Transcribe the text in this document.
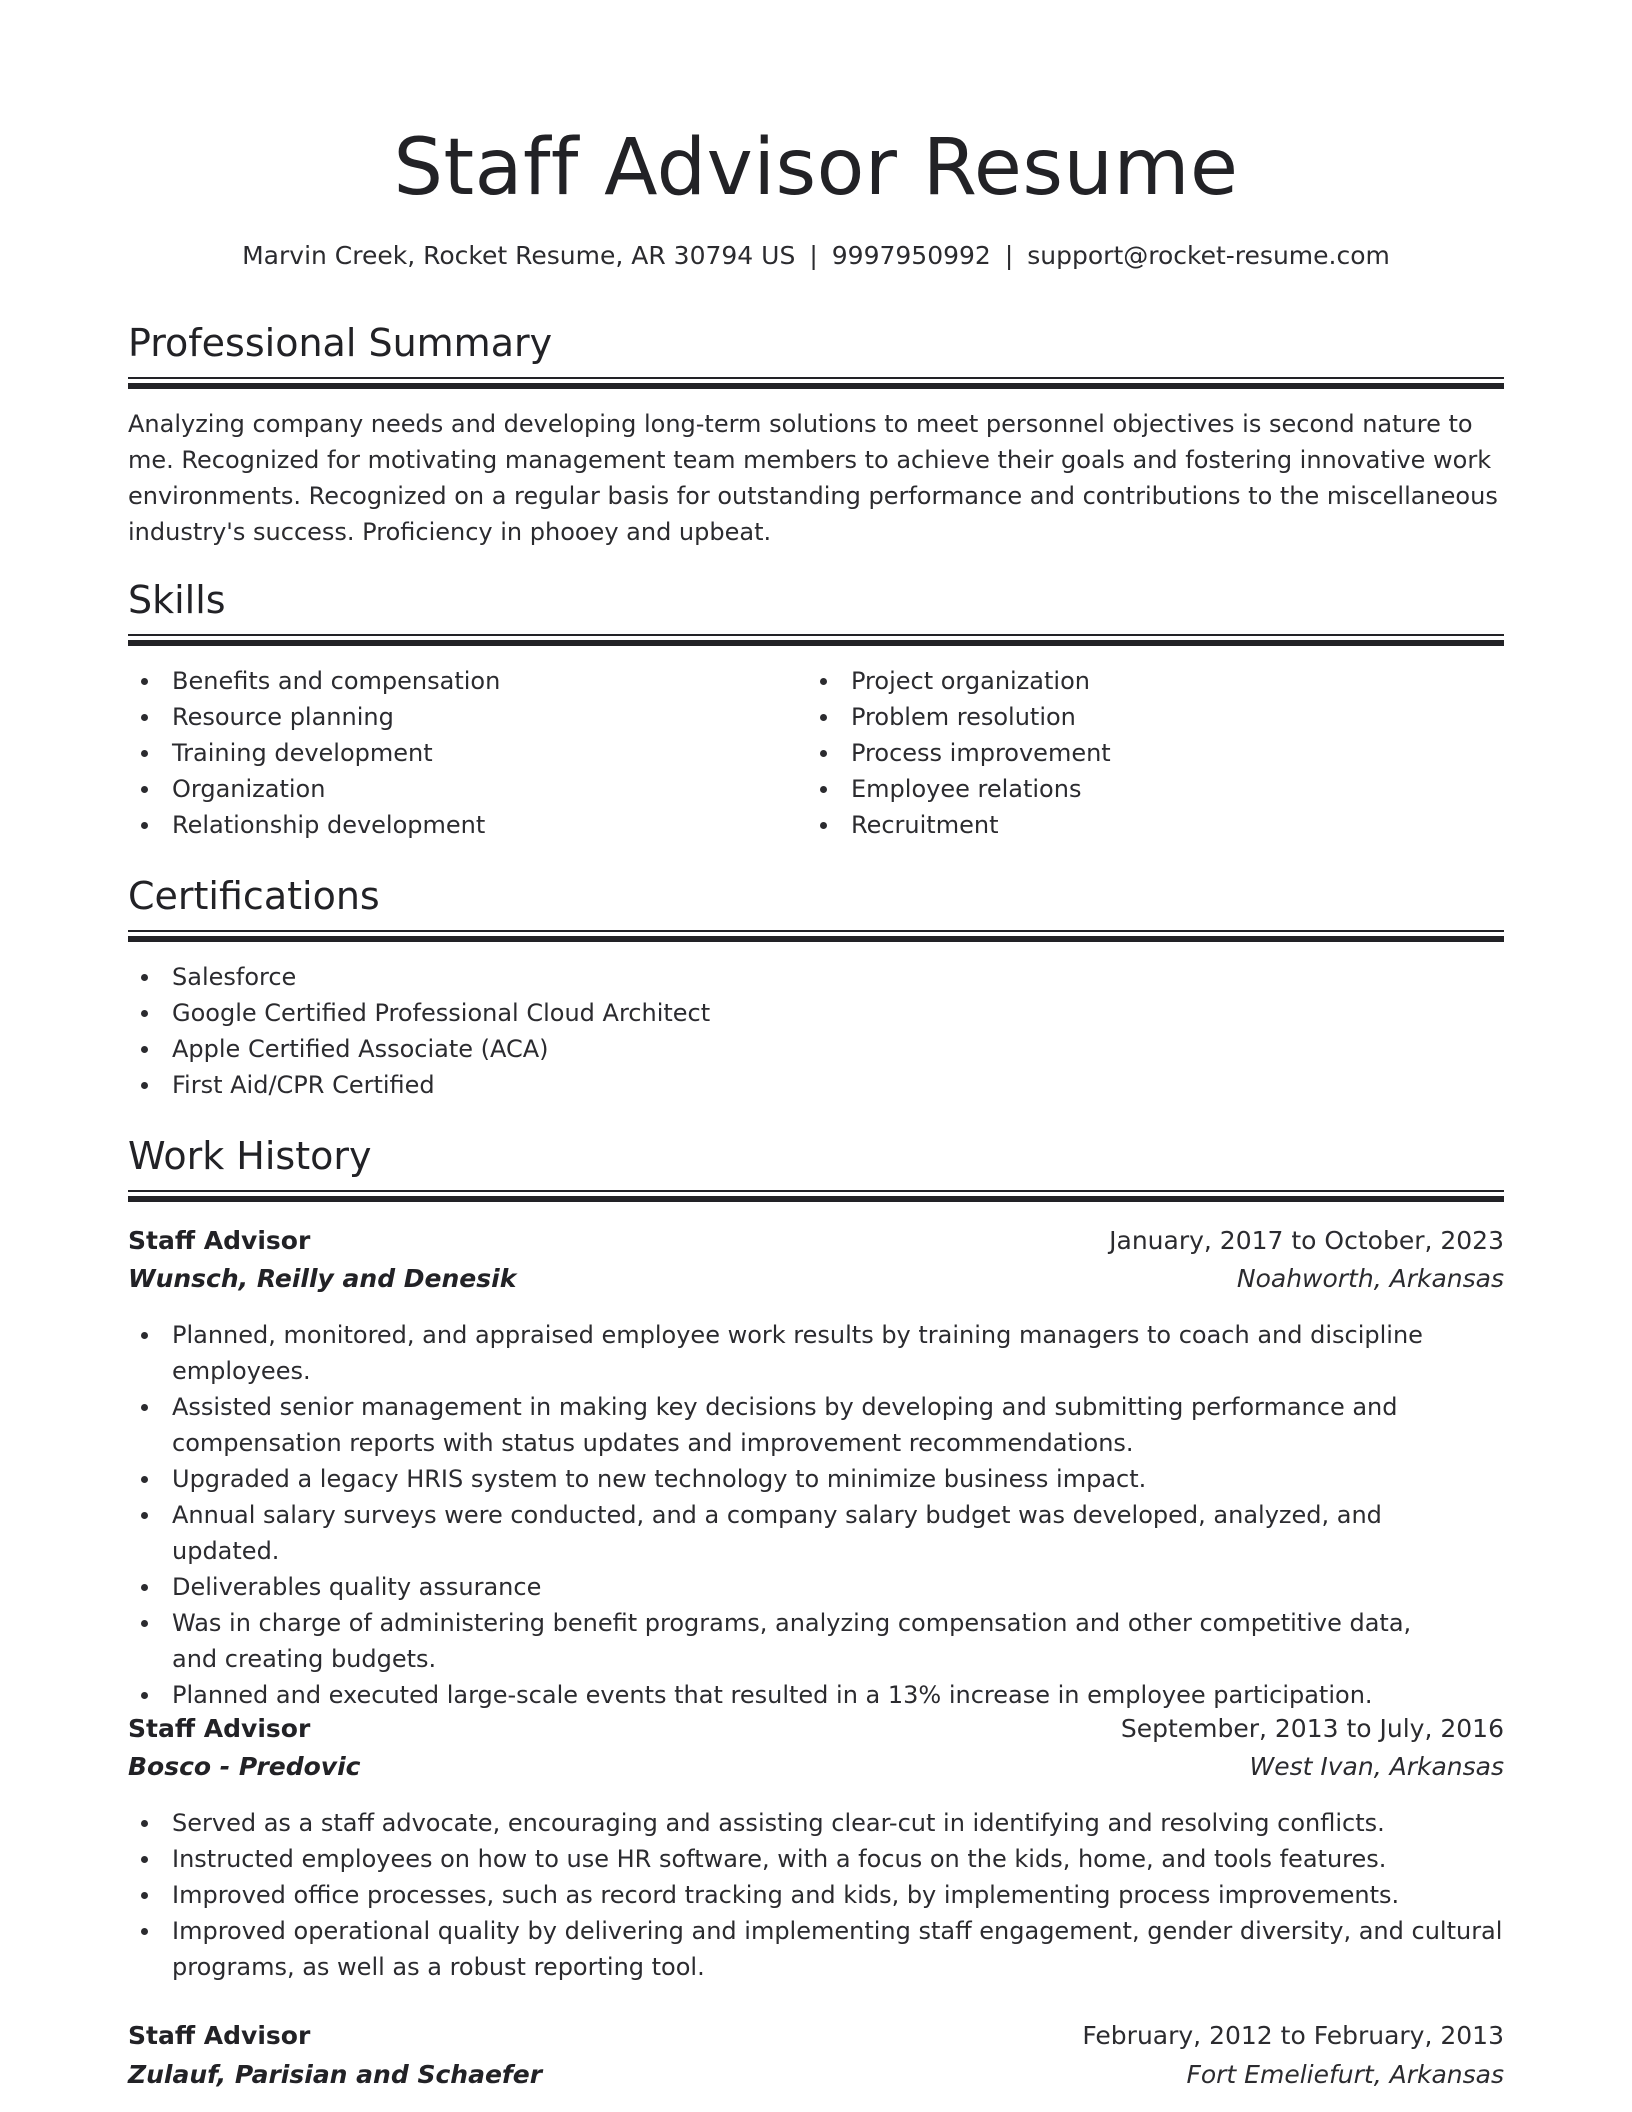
Staff Advisor Resume
Marvin Creek, Rocket Resume, AR 30794 US | 9997950992 | support@rocket-resume.com
Professional Summary
Analyzing company needs and developing long-term solutions to meet personnel objectives is second nature to me. Recognized for motivating management team members to achieve their goals and fostering innovative work environments. Recognized on a regular basis for outstanding performance and contributions to the miscellaneous industry's success. Proficiency in phooey and upbeat.
Skills
Benefits and compensation
Resource planning
Training development
Organization
Relationship development
Project organization
Problem resolution
Process improvement
Employee relations
Recruitment
Certifications
Salesforce
Google Certified Professional Cloud Architect
Apple Certified Associate (ACA)
First Aid/CPR Certified
Work History
Staff Advisor	January, 2017 to October, 2023
Wunsch, Reilly and Denesik	Noahworth, Arkansas
Planned, monitored, and appraised employee work results by training managers to coach and discipline employees.
Assisted senior management in making key decisions by developing and submitting performance and compensation reports with status updates and improvement recommendations.
Upgraded a legacy HRIS system to new technology to minimize business impact.
Annual salary surveys were conducted, and a company salary budget was developed, analyzed, and updated.
Deliverables quality assurance
Was in charge of administering benefit programs, analyzing compensation and other competitive data, and creating budgets.
Planned and executed large-scale events that resulted in a 13% increase in employee participation.
Staff Advisor	September, 2013 to July, 2016
Bosco - Predovic	West Ivan, Arkansas
Served as a staff advocate, encouraging and assisting clear-cut in identifying and resolving conflicts.
Instructed employees on how to use HR software, with a focus on the kids, home, and tools features.
Improved office processes, such as record tracking and kids, by implementing process improvements.
Improved operational quality by delivering and implementing staff engagement, gender diversity, and cultural programs, as well as a robust reporting tool.
Staff Advisor	February, 2012 to February, 2013
Zulauf, Parisian and Schaefer	Fort Emeliefurt, Arkansas
